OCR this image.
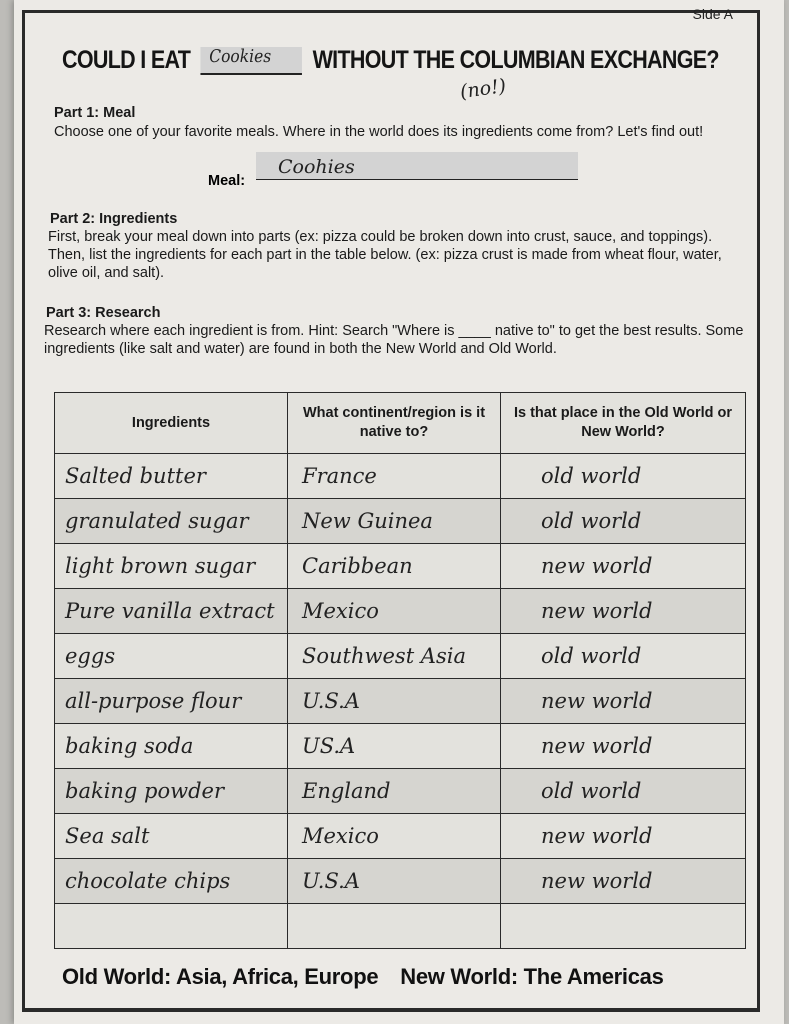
Side A
COULD I EAT Cookies WITHOUT THE COLUMBIAN EXCHANGE?
(no!)
Part 1: Meal
Choose one of your favorite meals. Where in the world does its ingredients come from? Let's find out!
Meal:
Coohies
Part 2: Ingredients
First, break your meal down into parts (ex: pizza could be broken down into crust, sauce, and toppings). Then, list the ingredients for each part in the table below. (ex: pizza crust is made from wheat flour, water, olive oil, and salt).
Part 3: Research
Research where each ingredient is from. Hint: Search "Where is ____ native to" to get the best results. Some ingredients (like salt and water) are found in both the New World and Old World.
Ingredients	What continent/region is it native to?	Is that place in the Old World or New World?
Salted butter	France	old world
granulated sugar	New Guinea	old world
light brown sugar	Caribbean	new world
Pure vanilla extract	Mexico	new world
eggs	Southwest Asia	old world
all-purpose flour	U.S.A	new world
baking soda	US.A	new world
baking powder	England	old world
Sea salt	Mexico	new world
chocolate chips	U.S.A	new world

Old World: Asia, Africa, Europe New World: The Americas
